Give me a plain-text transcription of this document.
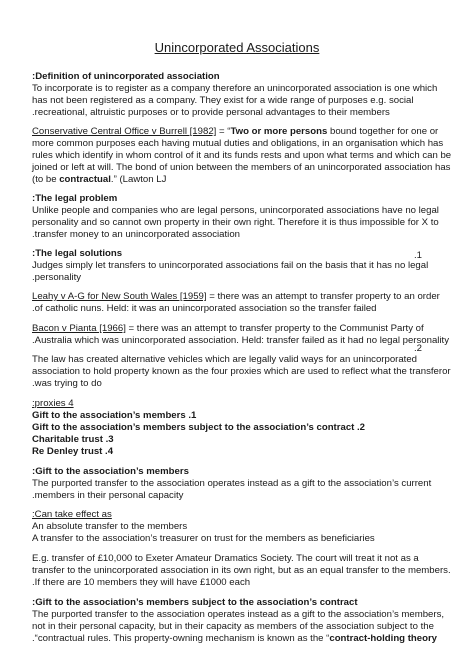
Unincorporated Associations
:Definition of unincorporated association
To incorporate is to register as a company therefore an unincorporated association is one which
has not been registered as a company. They exist for a wide range of purposes e.g. social
.recreational, altruistic purposes or to provide personal advantages to their members
Conservative Central Office v Burrell [1982] = “Two or more persons bound together for one or
more common purposes each having mutual duties and obligations, in an organisation which has
rules which identify in whom control of it and its funds rests and upon what terms and which can be
joined or left at will. The bond of union between the members of an unincorporated association has
(to be contractual.” (Lawton LJ
:The legal problem
Unlike people and companies who are legal persons, unincorporated associations have no legal
personality and so cannot own property in their own right. Therefore it is thus impossible for X to
.transfer money to an unincorporated association
:The legal solutions
Judges simply let transfers to unincorporated associations fail on the basis that it has no legal
.1
.personality
Leahy v A-G for New South Wales [1959] = there was an attempt to transfer property to an order
.of catholic nuns. Held: it was an unincorporated association so the transfer failed
Bacon v Pianta [1966] = there was an attempt to transfer property to the Communist Party of
.Australia which was unincorporated association. Held: transfer failed as it had no legal personality
The law has created alternative vehicles which are legally valid ways for an unincorporated
.2
association to hold property known as the four proxies which are used to reflect what the transferor
.was trying to do
:proxies 4
Gift to the association’s members .1
Gift to the association’s members subject to the association’s contract .2
Charitable trust .3
Re Denley trust .4
:Gift to the association’s members
The purported transfer to the association operates instead as a gift to the association’s current
.members in their personal capacity
:Can take effect as
An absolute transfer to the members
A transfer to the association’s treasurer on trust for the members as beneficiaries
E.g. transfer of £10,000 to Exeter Amateur Dramatics Society. The court will treat it not as a
transfer to the unincorporated association in its own right, but as an equal transfer to the members.
.If there are 10 members they will have £1000 each
:Gift to the association’s members subject to the association’s contract
The purported transfer to the association operates instead as a gift to the association’s members,
not in their personal capacity, but in their capacity as members of the association subject to the
.“contractual rules. This property-owning mechanism is known as the “contract-holding theory
